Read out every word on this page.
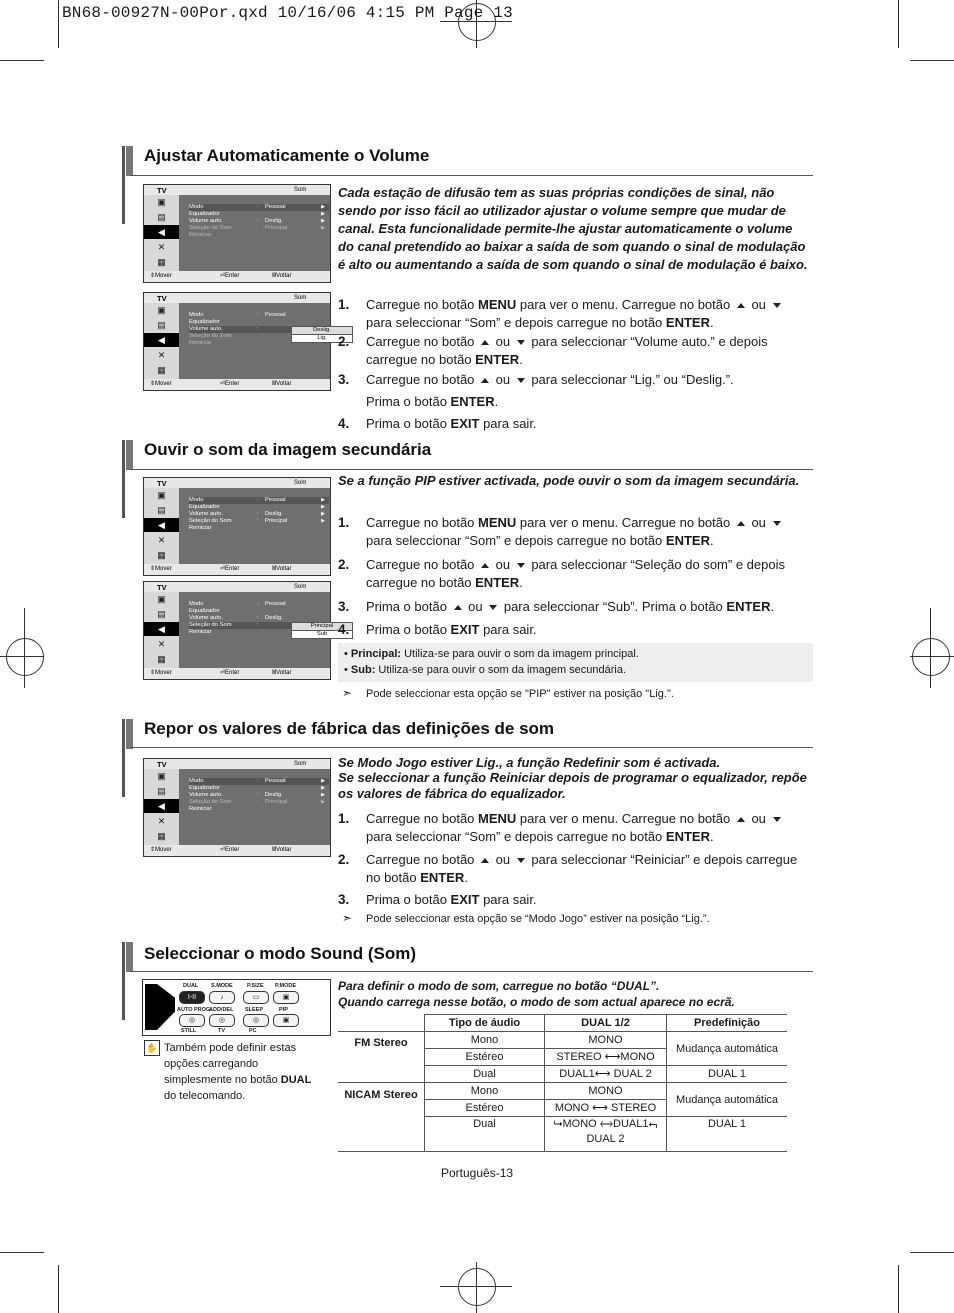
BN68-00927N-00Por.qxd 10/16/06 4:15 PM Page 13
Ajustar Automaticamente o Volume
Cada estação de difusão tem as suas próprias condições de sinal, não sendo por isso fácil ao utilizador ajustar o volume sempre que mudar de canal. Esta funcionalidade permite-lhe ajustar automaticamente o volume do canal pretendido ao baixar a saída de som quando o sinal de modulação é alto ou aumentando a saída de som quando o sinal de modulação é baixo.
TV	Som
▣
▤
◀
✕
▦
Modo	: Pessoal	▶
Equalizador	▶
Volume auto.	: Deslig.	▶
Seleção do Som	: Principal	▶
Reiniciar
⇕ Mover	⏎ Enter	Ⅲ Voltar
TV	Som
▣
▤
◀
✕
▦
Modo	: Pessoal
Equalizador
Volume auto.	:
Seleção do Som
Reiniciar
Deslig.
Lig.
⇕ Mover	⏎ Enter	Ⅲ Voltar
1. Carregue no botão MENU para ver o menu. Carregue no botão  ou
para seleccionar “Som” e depois carregue no botão ENTER.
2. Carregue no botão  ou  para seleccionar “Volume auto.” e depois carregue no botão ENTER.
3. Carregue no botão  ou  para seleccionar “Lig.” ou “Deslig.”.
Prima o botão ENTER.
4. Prima o botão EXIT para sair.
Ouvir o som da imagem secundária
Se a função PIP estiver activada, pode ouvir o som da imagem secundária.
TV	Som
▣
▤
◀
✕
▦
Modo	: Pessoal	▶
Equalizador	▶
Volume auto.	: Deslig.	▶
Seleção do Som	: Principal	▶
Reiniciar
⇕ Mover	⏎ Enter	Ⅲ Voltar
TV	Som
▣
▤
◀
✕
▦
Modo	: Pessoal
Equalizador
Volume auto.	: Deslig.
Seleção do Som	:
Reiniciar
Principal
Sub
⇕ Mover	⏎ Enter	Ⅲ Voltar
1. Carregue no botão MENU para ver o menu. Carregue no botão  ou
para seleccionar “Som” e depois carregue no botão ENTER.
2. Carregue no botão  ou  para seleccionar “Seleção do som” e depois carregue no botão ENTER.
3. Prima o botão  ou  para seleccionar “Sub”. Prima o botão ENTER.
4. Prima o botão EXIT para sair.
• Principal: Utiliza-se para ouvir o som da imagem principal.
• Sub: Utiliza-se para ouvir o som da imagem secundária.
➣ Pode seleccionar esta opção se "PIP" estiver na posição "Lig.".
Repor os valores de fábrica das definições de som
Se Modo Jogo estiver Lig., a função Redefinir som é activada.
Se seleccionar a função Reiniciar depois de programar o equalizador, repõe os valores de fábrica do equalizador.
TV	Som
▣
▤
◀
✕
▦
Modo	: Pessoal	▶
Equalizador	▶
Volume auto.	: Deslig.	▶
Seleção do Som	: Principal	▶
Reiniciar
⇕ Mover	⏎ Enter	Ⅲ Voltar
1. Carregue no botão MENU para ver o menu. Carregue no botão  ou
para seleccionar “Som” e depois carregue no botão ENTER.
2. Carregue no botão  ou  para seleccionar “Reiniciar” e depois carregue no botão ENTER.
3. Prima o botão EXIT para sair.
➣ Pode seleccionar esta opção se “Modo Jogo” estiver na posição “Lig.”.
Seleccionar o modo Sound (Som)
Para definir o modo de som, carregue no botão “DUAL”.
Quando carrega nesse botão, o modo de som actual aparece no ecrã.
DUAL S.MODE	P.SIZE P.MODE
I-II	♪	▭	▣
AUTO PROG.
ADD/DEL SLEEP	PIP
◎	◎	◎	▣
STILL	TV	PC
✋ Também pode definir estas opções carregando simplesmente no botão DUAL do telecomando.
	Tipo de áudio	DUAL 1/2	Predefinição
FM Stereo	Mono	MONO	Mudança automática
	Estéreo	STEREO ⟷MONO	
	Dual	DUAL1⟷ DUAL 2	DUAL 1
NICAM Stereo	Mono	MONO	Mudança automática
	Estéreo	MONO ⟷ STEREO	
	Dual	⮡MONO ⟷DUAL1⮢
DUAL 2	DUAL 1
Português-13
